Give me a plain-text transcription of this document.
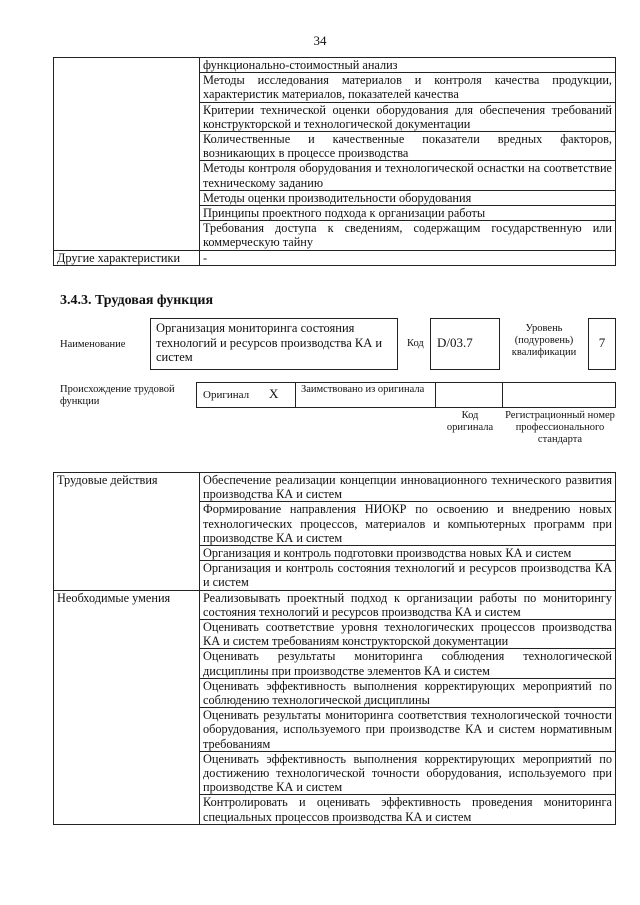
34
	функционально-стоимостный анализ
	Методы исследования материалов и контроля качества продукции, характеристик материалов, показателей качества
	Критерии технической оценки оборудования для обеспечения требований конструкторской и технологической документации
	Количественные и качественные показатели вредных факторов, возникающих в процессе производства
	Методы контроля оборудования и технологической оснастки на соответствие техническому заданию
	Методы оценки производительности оборудования
	Принципы проектного подхода к организации работы
	Требования доступа к сведениям, содержащим государственную или коммерческую тайну
Другие характеристики	-
3.4.3. Трудовая функция
Наименование
Организация мониторинга состояния технологий и ресурсов производства КА и систем
Код	D/03.7
Уровень (подуровень) квалификации
7
Происхождение трудовой функции
Оригинал X	Заимствовано из оригинала
Код оригинала
Регистрационный номер профессионального стандарта
Трудовые действия	Обеспечение реализации концепции инновационного технического развития производства КА и систем
	Формирование направления НИОКР по освоению и внедрению новых технологических процессов, материалов и компьютерных программ при производстве КА и систем
	Организация и контроль подготовки производства новых КА и систем
	Организация и контроль состояния технологий и ресурсов производства КА и систем
Необходимые умения	Реализовывать проектный подход к организации работы по мониторингу состояния технологий и ресурсов производства КА и систем
	Оценивать соответствие уровня технологических процессов производства КА и систем требованиям конструкторской документации
	Оценивать результаты мониторинга соблюдения технологической дисциплины при производстве элементов КА и систем
	Оценивать эффективность выполнения корректирующих мероприятий по соблюдению технологической дисциплины
	Оценивать результаты мониторинга соответствия технологической точности оборудования, используемого при производстве КА и систем нормативным требованиям
	Оценивать эффективность выполнения корректирующих мероприятий по достижению технологической точности оборудования, используемого при производстве КА и систем
	Контролировать и оценивать эффективность проведения мониторинга специальных процессов производства КА и систем
